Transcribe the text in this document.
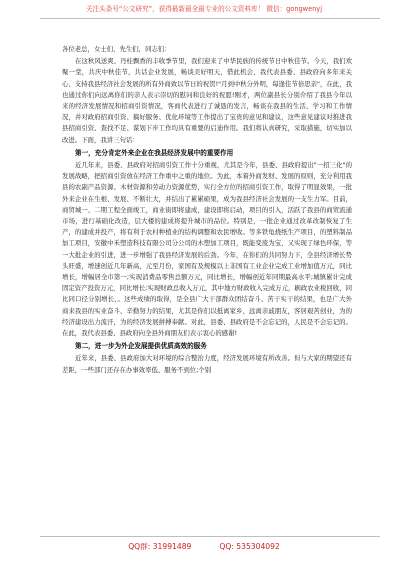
关注头条号“公文研究”，获得最新最全最专业的公文资料库！ 微信：gongwenyj

各位老总，女士们、先生们，同志们：

在这秋风送爽、丹桂飘香的丰收季节里，我们迎来了中华民族的传统节日中秋佳节。今天，我们欢聚一堂，共庆中秋佳节，共话企业发展，畅谈美好明天，借此机会，我代表县委、县政府向多年来关心、支持我县经济社会发展的所有外商致以节日的祝贺!"月到中秋分外明，每逢佳节倍思亲"，在此，我也通过你们向远离你们的亲人表示崇切的慰问和良好的祝愿!刚才，两位副县长分别介绍了我县今年以来的经济发展情况和招商引资情况，客商代表进行了诚恳的发言，畅谈在我县的生活、学习和工作情况，并对政府招商引资、搞好服务、优化环境等工作提出了宝贵的意见和建议，这些意见建议对推进我县招商引资、查找不足、谋划下步工作均具有重要的启迪作用。我们将认真研究，采取措施，切实加以改进。下面，我讲三句话：

第一，充分肯定外来企业在我县经济发展中的重要作用

近几年来，县委、县政府对招商引资工作十分重视，尤其是今年，县委、县政府提出"一招三化"的发展战略，把招商引资放在经济工作重中之重的地位。为此，本着外商发财、发展的原则，充分利用我县的农副产品资源、木材资源和劳动力资源优势，实行全方位的招商引资工作，取得了明显效果，一批外来企业在生根、发展、不断壮大，并结出了累累硕果，成为我县经济社会发展的一支生力军。目前，商贸城一、二期工程全面竣工，商业街即将建成，建设即将启动，项目的引入，活跃了我县的商贸流通市场，进行基础化改造，层大楼的建成将提升城市的品位。特别是，一批企业通过改革改制恢复了生产，的建成并投产，将有利于农村种植业的结构调整和农民增收。等多铁龟烧纸生产项目，的塑料制品加工项目，安徽中禾塑造科技有限公司分公司的木塑加工项目，既能变废为宝，又实现了绿色环保，等一大批企业的引进，进一步增强了我县经济发展的后劲。今年，在你们的共同努力下，全县经济增长势头旺盛，增速创近几年新高，元至月份，家国有及规模以上非国有工业企业完成工业增加值万元，同比增长，增幅居全市第一;实现消费品零售总额万元，同比增长，增幅创近年同期最高水平;城镇累计完成固定资产投资万元，同比增长;实现财政总收入万元，其中地方财政收入完成万元，刷政农业税回收，同比同口径分别增长、。这些成绩的取得，是全县广大干部群众团结奋斗、苦干实干的结果，也是广大外商来我县的实业奋斗、辛勤努力的结果，尤其是你们以抵离家乡、远离亲戚朋友，客居艰苦创业，为的经济建设出力流汗，为的经济发展拼搏奉献。对此，县委、县政府是不会忘记的，人民是不会忘记的。在此，我代表县委、县政府向全县外商朋友们表示衷心的感谢!

第二，进一步为外企发展提供优质高效的服务

近年来，县委、县政府加大对环境的综合整治力度，经济发展环境有所改善。但与大家的期望还有差距，一些部门还存在办事效率低、服务不到位;个别

QQ群: 31991489	QQ: 535304092
